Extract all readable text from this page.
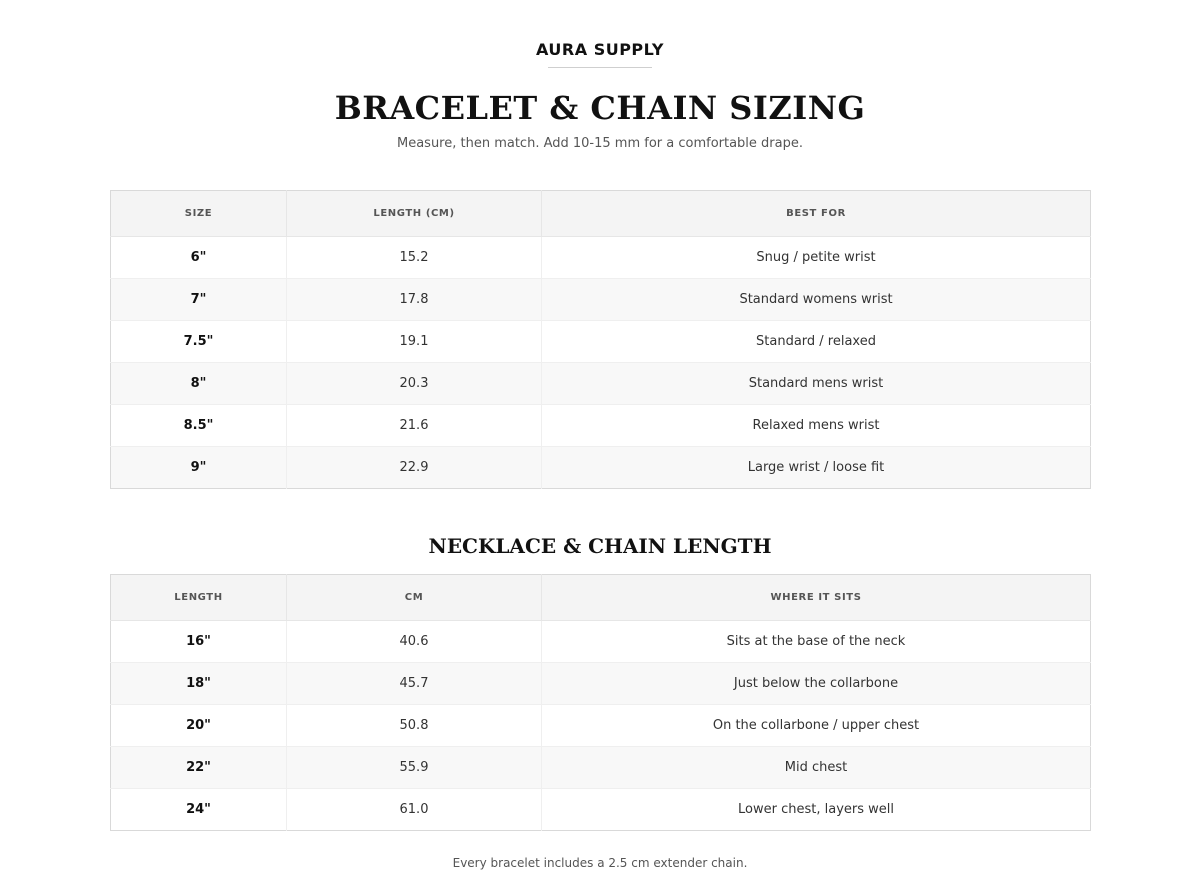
AURA SUPPLY
BRACELET & CHAIN SIZING
Measure, then match. Add 10-15 mm for a comfortable drape.
SIZE	LENGTH (CM)	BEST FOR
6"	15.2	Snug / petite wrist
7"	17.8	Standard womens wrist
7.5"	19.1	Standard / relaxed
8"	20.3	Standard mens wrist
8.5"	21.6	Relaxed mens wrist
9"	22.9	Large wrist / loose fit
NECKLACE & CHAIN LENGTH
LENGTH	CM	WHERE IT SITS
16"	40.6	Sits at the base of the neck
18"	45.7	Just below the collarbone
20"	50.8	On the collarbone / upper chest
22"	55.9	Mid chest
24"	61.0	Lower chest, layers well
Every bracelet includes a 2.5 cm extender chain.
